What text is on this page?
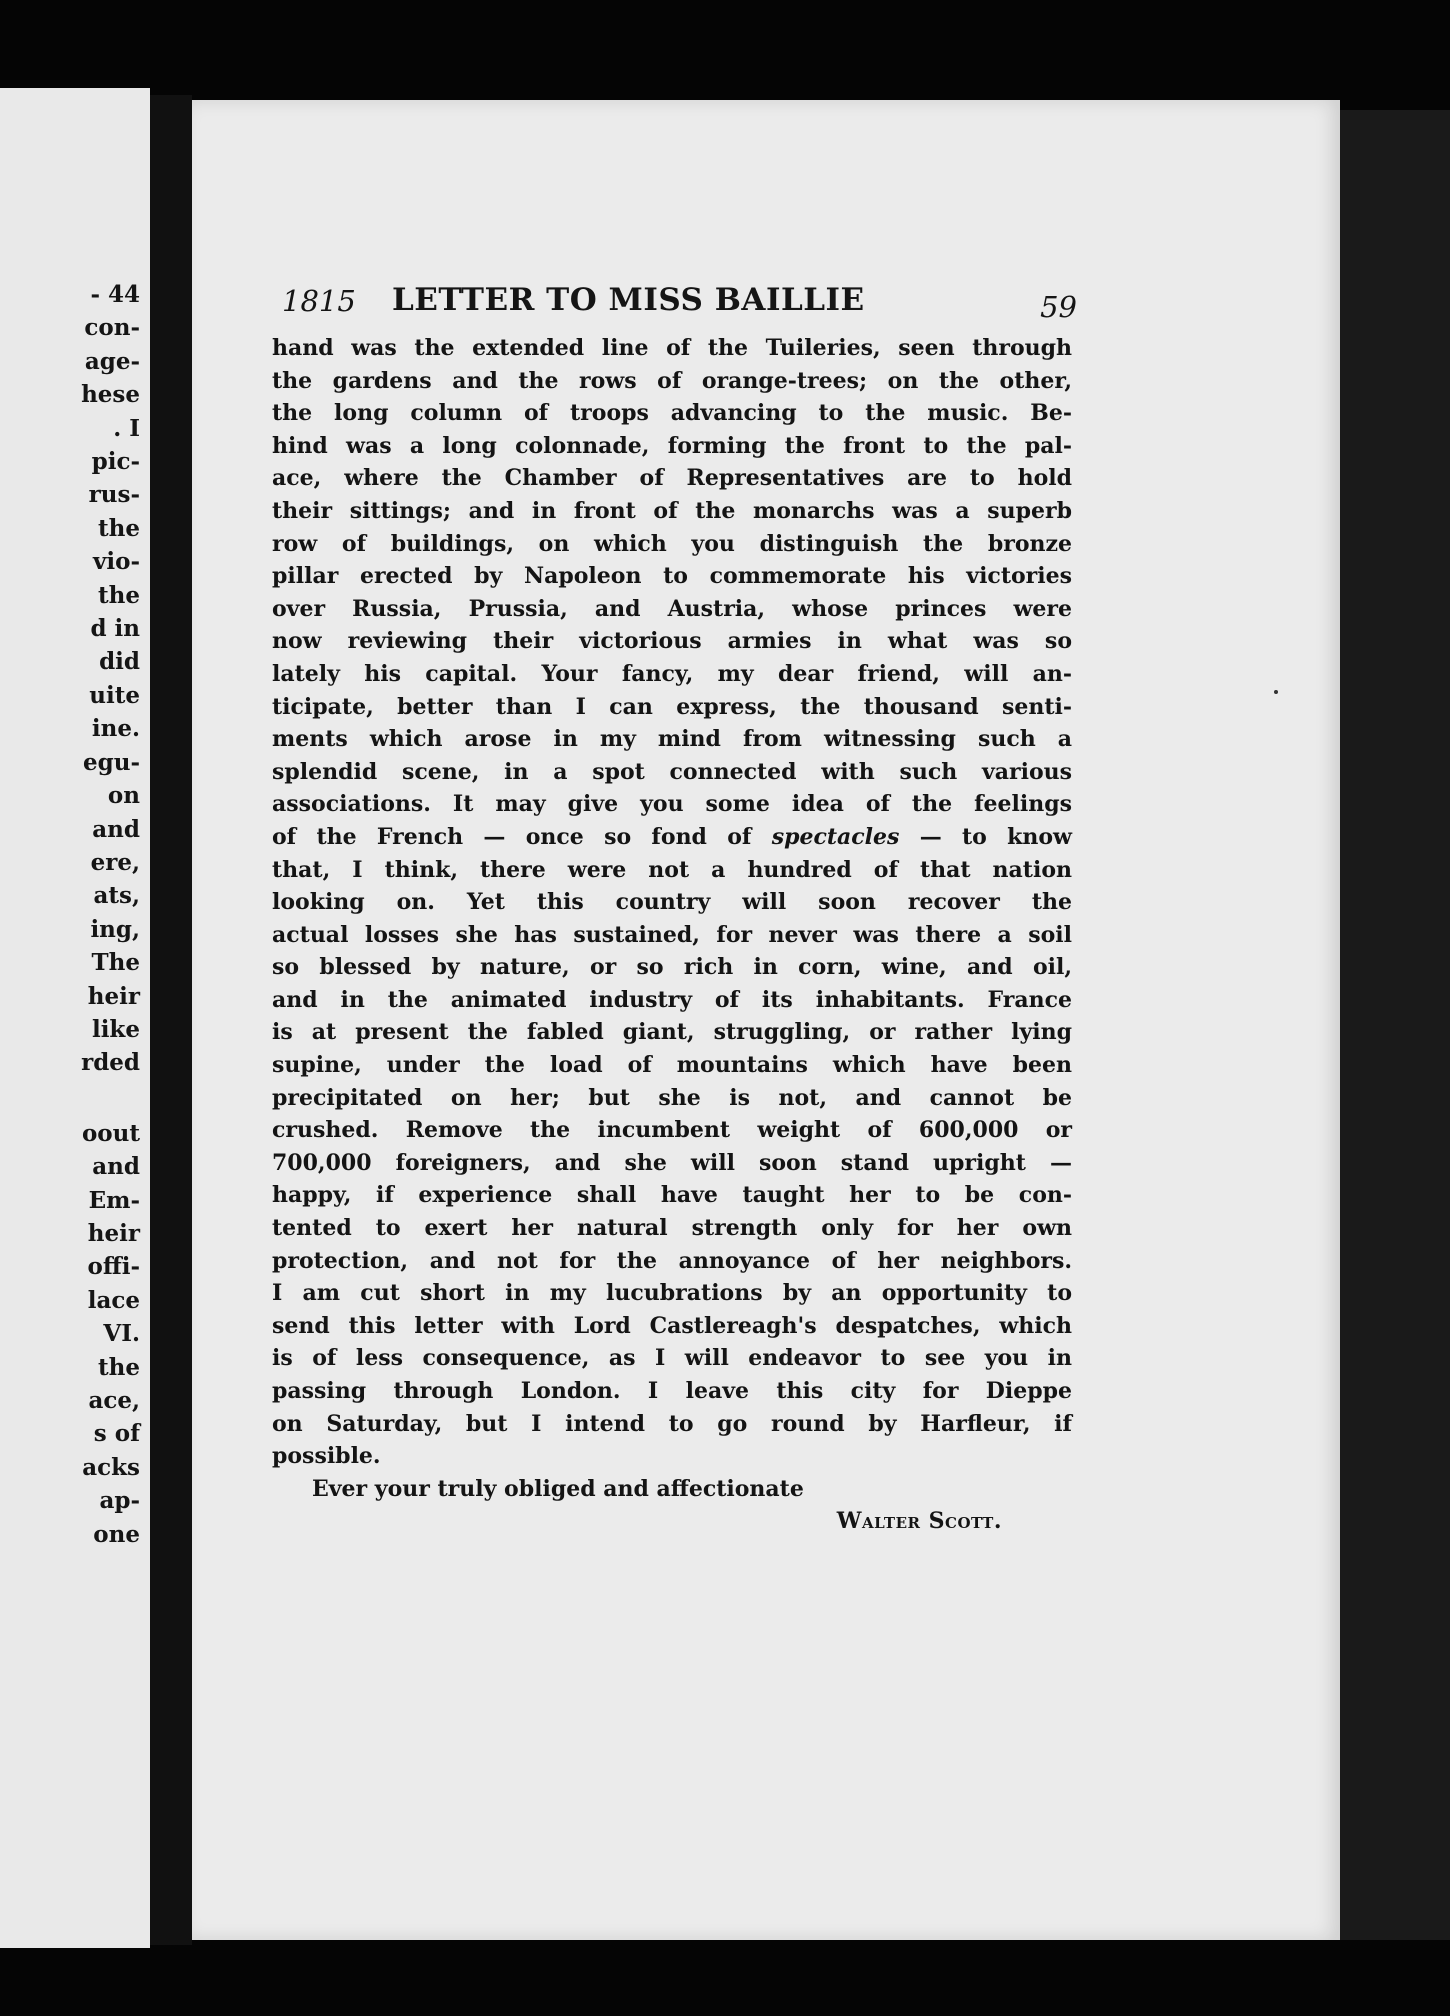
- 44
con-
age-
hese
. I
pic-
rus-
the
vio-
the
d in
did
uite
ine.
egu-
on
and
ere,
ats,
ing,
The
heir
like
rded
oout
and
Em-
heir
offi-
lace
VI.
the
ace,
s of
acks
ap-
one
1815 LETTER TO MISS BAILLIE	59
hand was the extended line of the Tuileries, seen through
the gardens and the rows of orange-trees; on the other,
the long column of troops advancing to the music. Be-
hind was a long colonnade, forming the front to the pal-
ace, where the Chamber of Representatives are to hold
their sittings; and in front of the monarchs was a superb
row of buildings, on which you distinguish the bronze
pillar erected by Napoleon to commemorate his victories
over Russia, Prussia, and Austria, whose princes were
now reviewing their victorious armies in what was so
lately his capital. Your fancy, my dear friend, will an-
ticipate, better than I can express, the thousand senti-
ments which arose in my mind from witnessing such a
splendid scene, in a spot connected with such various
associations. It may give you some idea of the feelings
of the French — once so fond of spectacles — to know
that, I think, there were not a hundred of that nation
looking on. Yet this country will soon recover the
actual losses she has sustained, for never was there a soil
so blessed by nature, or so rich in corn, wine, and oil,
and in the animated industry of its inhabitants. France
is at present the fabled giant, struggling, or rather lying
supine, under the load of mountains which have been
precipitated on her; but she is not, and cannot be
crushed. Remove the incumbent weight of 600,000 or
700,000 foreigners, and she will soon stand upright —
happy, if experience shall have taught her to be con-
tented to exert her natural strength only for her own
protection, and not for the annoyance of her neighbors.
I am cut short in my lucubrations by an opportunity to
send this letter with Lord Castlereagh's despatches, which
is of less consequence, as I will endeavor to see you in
passing through London. I leave this city for Dieppe
on Saturday, but I intend to go round by Harfleur, if
possible.
Ever your truly obliged and affectionate
Walter Scott.
